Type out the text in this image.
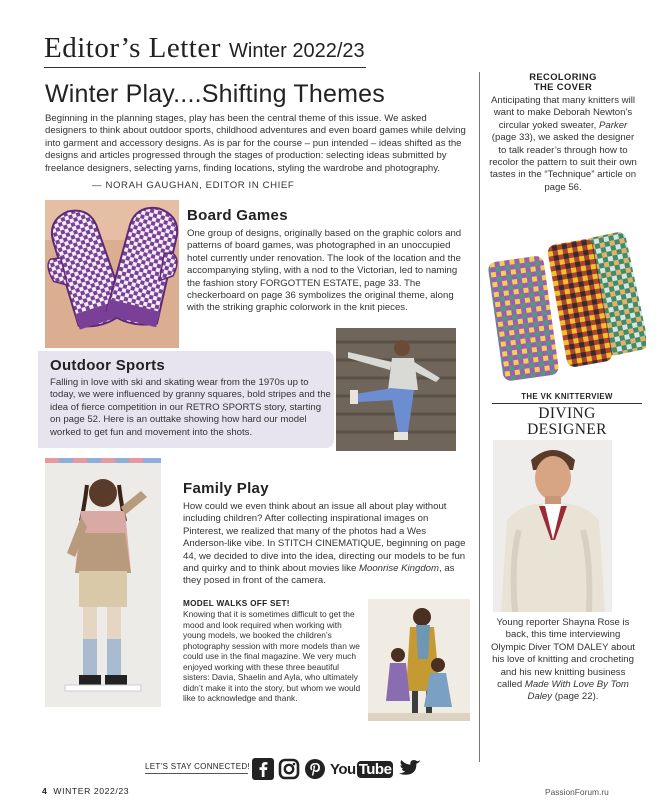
Editor’s Letter Winter 2022/23
Winter Play....Shifting Themes
Beginning in the planning stages, play has been the central theme of this issue. We asked designers to think about outdoor sports, childhood adventures and even board games while delving into garment and accessory designs. As is par for the course – pun intended – ideas shifted as the designs and articles progressed through the stages of production: selecting ideas submitted by freelance designers, selecting yarns, finding locations, styling the wardrobe and photography.
— NORAH GAUGHAN, EDITOR IN CHIEF
Board Games
One group of designs, originally based on the graphic colors and patterns of board games, was photographed in an unoccupied hotel currently under renovation. The look of the location and the accompanying styling, with a nod to the Victorian, led to naming the fashion story FORGOTTEN ESTATE, page 33. The checkerboard on page 36 symbolizes the original theme, along with the striking graphic colorwork in the knit pieces.
Outdoor Sports
Falling in love with ski and skating wear from the 1970s up to today, we were influenced by granny squares, bold stripes and the idea of fierce competition in our RETRO SPORTS story, starting on page 52. Here is an outtake showing how hard our model worked to get fun and movement into the shots.
Family Play
How could we even think about an issue all about play without including children? After collecting inspirational images on Pinterest, we realized that many of the photos had a Wes Anderson-like vibe. In STITCH CINEMATIQUE, beginning on page 44, we decided to dive into the idea, directing our models to be fun and quirky and to think about movies like Moonrise Kingdom, as they posed in front of the camera.
MODEL WALKS OFF SET!
Knowing that it is sometimes difficult to get the mood and look required when working with young models, we booked the children’s photography session with more models than we could use in the final magazine. We very much enjoyed working with these three beautiful sisters: Davia, Shaelin and Ayla, who ultimately didn’t make it into the story, but whom we would like to acknowledge and thank.
RECOLORING
THE COVER
Anticipating that many knitters will want to make Deborah Newton’s circular yoked sweater, Parker (page 33), we asked the designer to talk reader’s through how to recolor the pattern to suit their own tastes in the “Technique” article on page 56.
THE VK KNITTERVIEW
DIVING
DESIGNER
Young reporter Shayna Rose is back, this time interviewing Olympic Diver TOM DALEY about his love of knitting and crocheting and his new knitting business called Made With Love By Tom Daley (page 22).
LET’S STAY CONNECTED!	You Tube
4 WINTER 2022/23	PassionForum.ru
